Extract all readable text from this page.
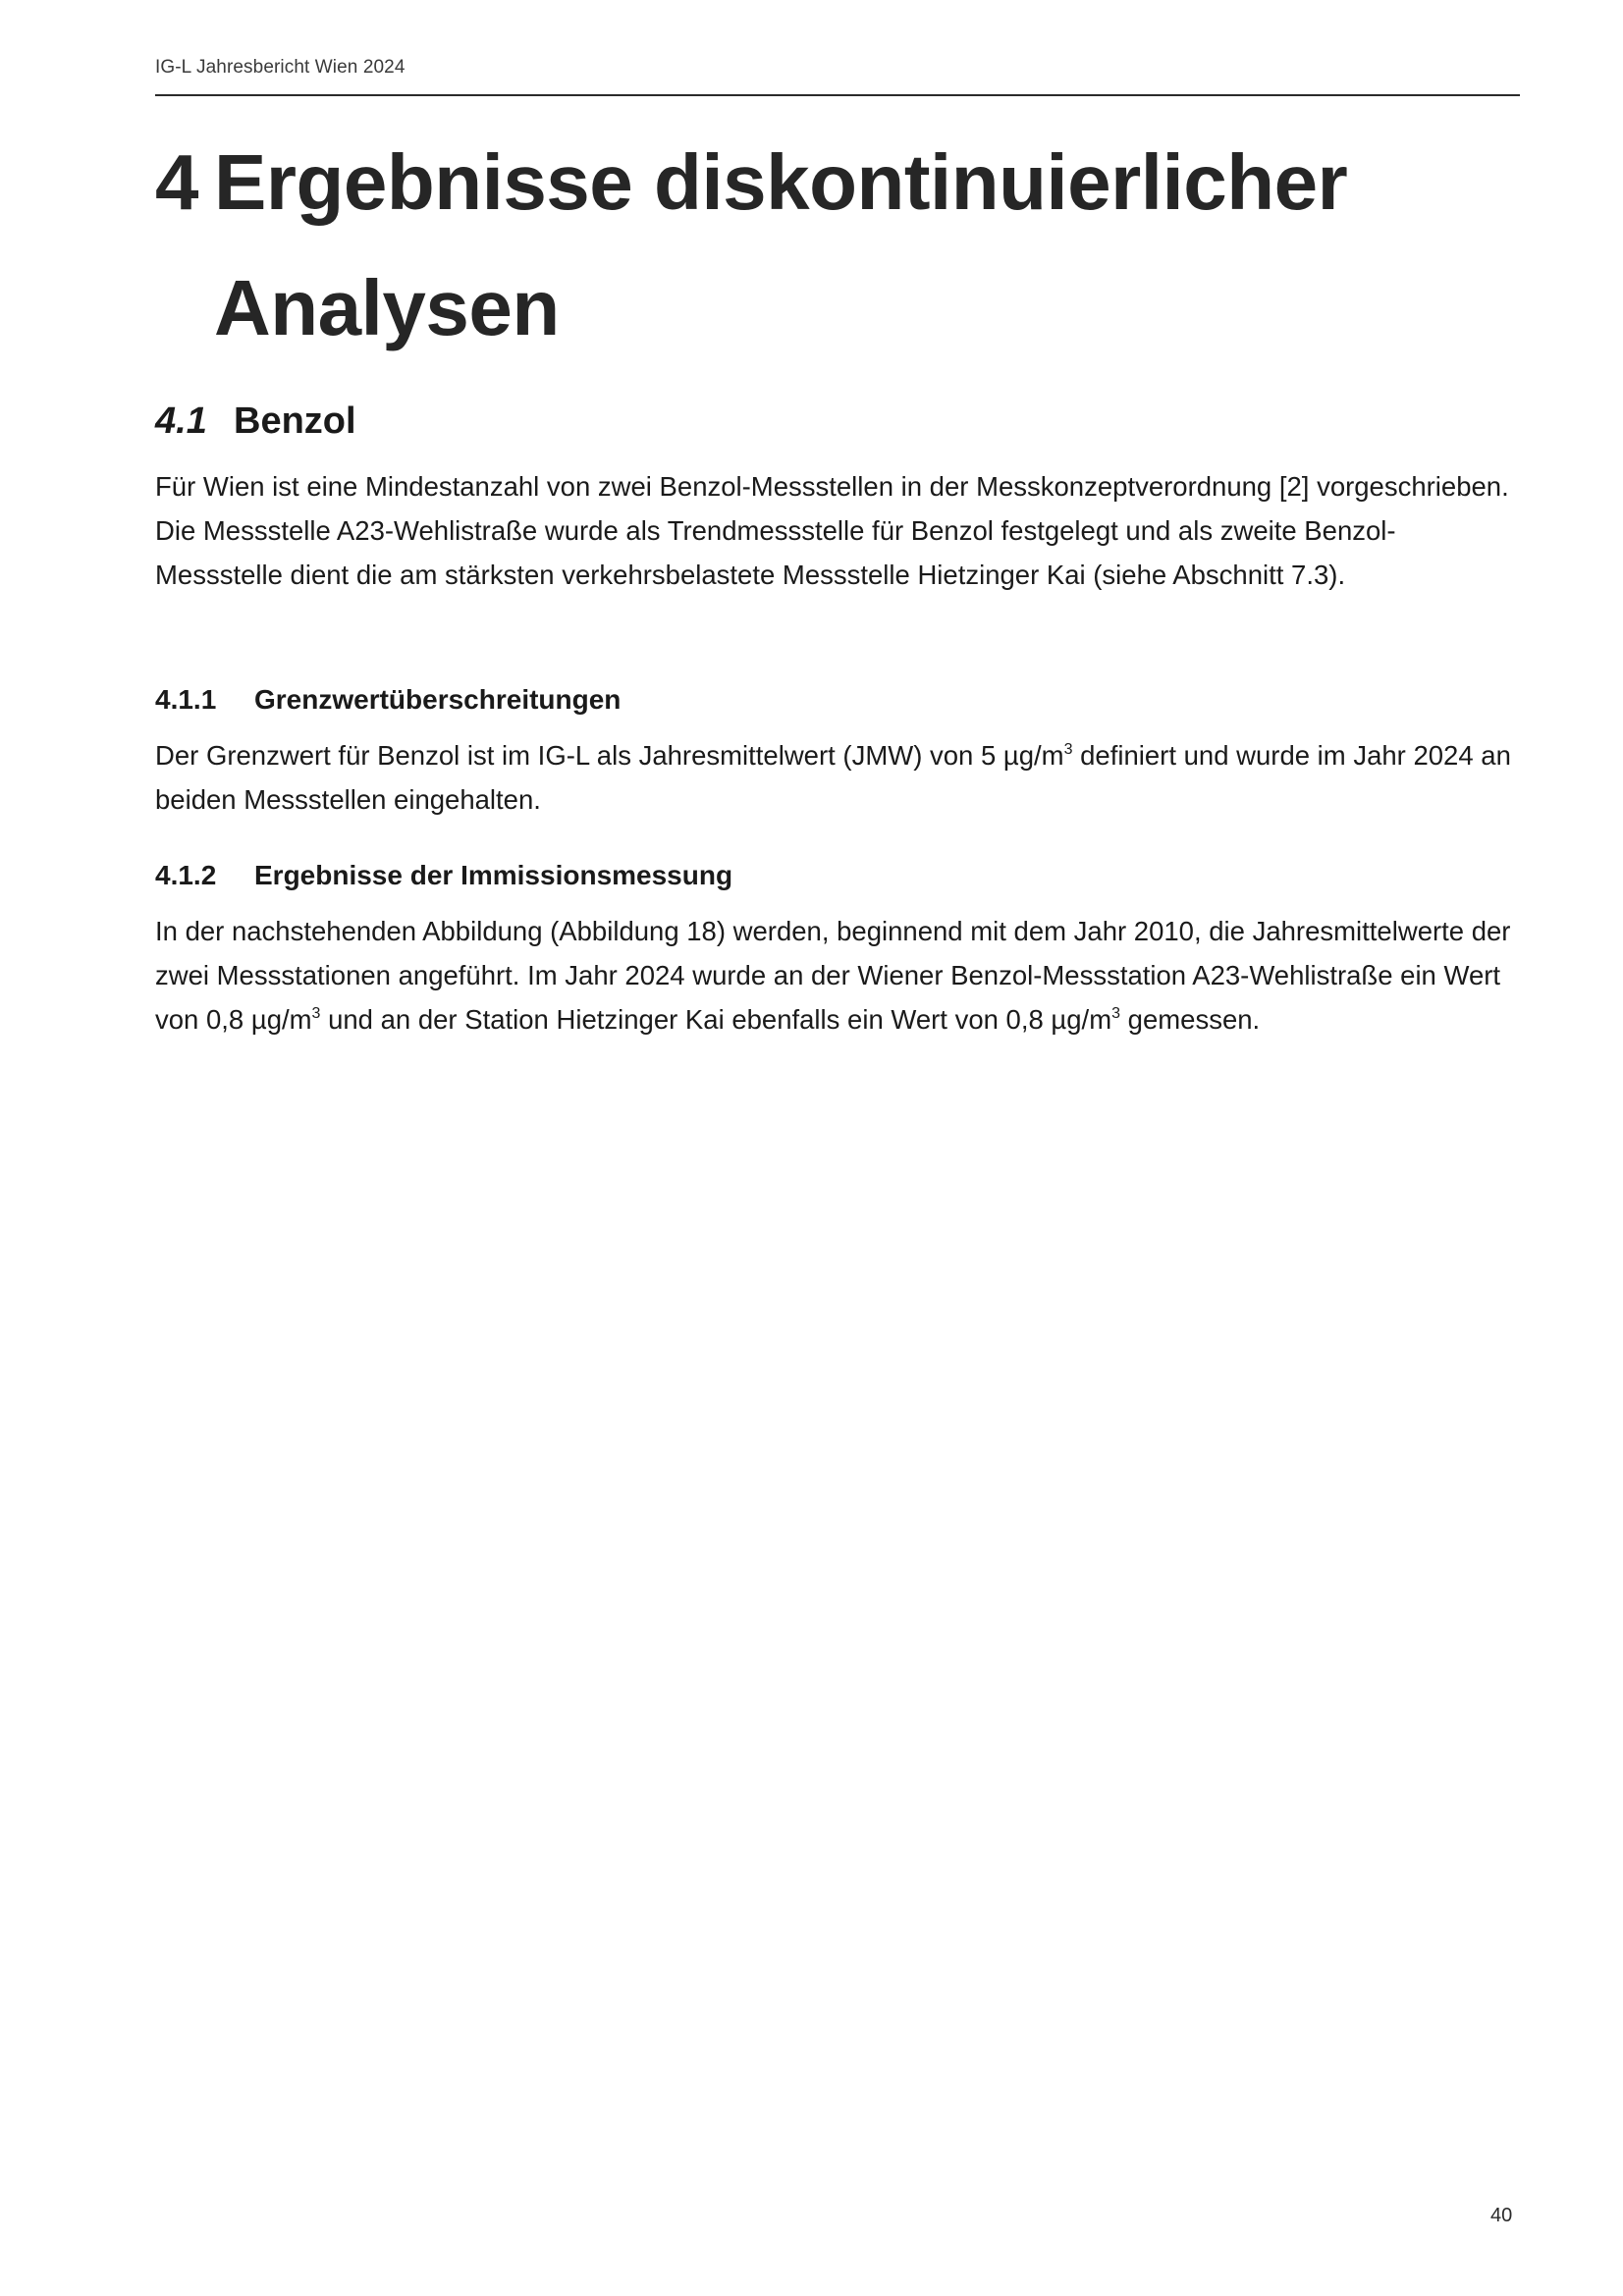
IG-L Jahresbericht Wien 2024
4 Ergebnisse diskontinuierlicher
Analysen
4.1 Benzol

Für Wien ist eine Mindestanzahl von zwei Benzol-Messstellen in der Messkonzeptverordnung [2] vorgeschrieben. Die Messstelle A23-Wehlistraße wurde als Trendmessstelle für Benzol festgelegt und als zweite Benzol-Messstelle dient die am stärksten verkehrsbelastete Messstelle Hietzinger Kai (siehe Abschnitt 7.3).

4.1.1 Grenzwertüberschreitungen

Der Grenzwert für Benzol ist im IG-L als Jahresmittelwert (JMW) von 5 $\mu g/m^3$ definiert und wurde im Jahr 2024 an beiden Messstellen eingehalten.

4.1.2 Ergebnisse der Immissionsmessung

In der nachstehenden Abbildung (Abbildung 18) werden, beginnend mit dem Jahr 2010, die Jahresmittelwerte der zwei Messstationen angeführt. Im Jahr 2024 wurde an der Wiener Benzol-Messstation A23-Wehlistraße ein Wert von 0,8 $\mu g/m^3$ und an der Station Hietzinger Kai ebenfalls ein Wert von 0,8 $\mu g/m^3$ gemessen.

40
